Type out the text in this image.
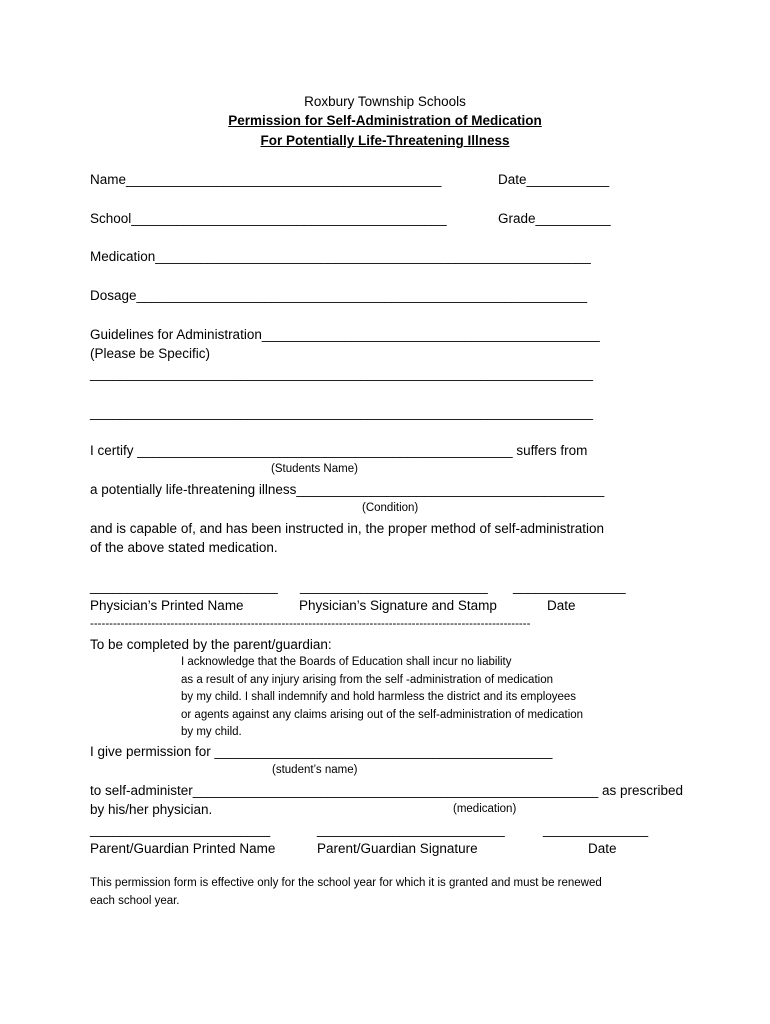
Roxbury Township Schools
Permission for Self-Administration of Medication
For Potentially Life-Threatening Illness
Name__________________________________________	Date___________
School__________________________________________	Grade__________
Medication__________________________________________________________
Dosage____________________________________________________________
Guidelines for Administration_____________________________________________
(Please be Specific)
___________________________________________________________________
___________________________________________________________________
I certify __________________________________________________ suffers from
(Students Name)
a potentially life-threatening illness_________________________________________
(Condition)
and is capable of, and has been instructed in, the proper method of self-administration
of the above stated medication.
_________________________ _________________________ _______________
Physician’s Printed Name	Physician’s Signature and Stamp	Date
-------------------------------------------------------------------------------------------------------------------
To be completed by the parent/guardian:
I acknowledge that the Boards of Education shall incur no liability
as a result of any injury arising from the self -administration of medication
by my child. I shall indemnify and hold harmless the district and its employees
or agents against any claims arising out of the self-administration of medication
by my child.
I give permission for _____________________________________________
(student’s name)
to self-administer______________________________________________________ as prescribed
by his/her physician.	(medication)
________________________	_________________________	______________
Parent/Guardian Printed Name	Parent/Guardian Signature	Date
This permission form is effective only for the school year for which it is granted and must be renewed
each school year.
